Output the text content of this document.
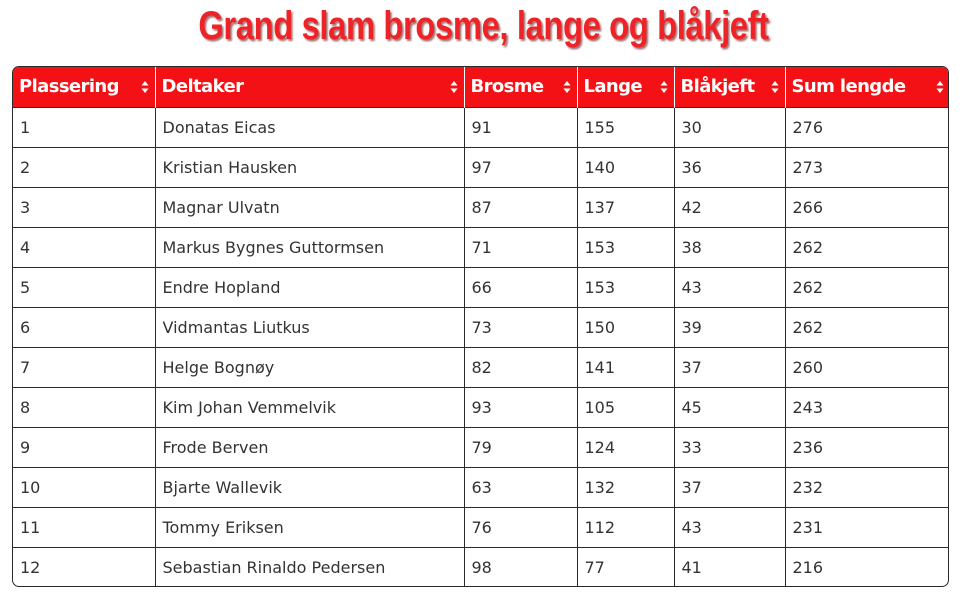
Grand slam brosme, lange og blåkjeft
Plassering	Deltaker	Brosme	Lange	Blåkjeft	Sum lengde

1	Donatas Eicas	91	155	30	276
2	Kristian Hausken	97	140	36	273
3	Magnar Ulvatn	87	137	42	266
4	Markus Bygnes Guttormsen	71	153	38	262
5	Endre Hopland	66	153	43	262
6	Vidmantas Liutkus	73	150	39	262
7	Helge Bognøy	82	141	37	260
8	Kim Johan Vemmelvik	93	105	45	243
9	Frode Berven	79	124	33	236
10	Bjarte Wallevik	63	132	37	232
11	Tommy Eriksen	76	112	43	231
12	Sebastian Rinaldo Pedersen	98	77	41	216
